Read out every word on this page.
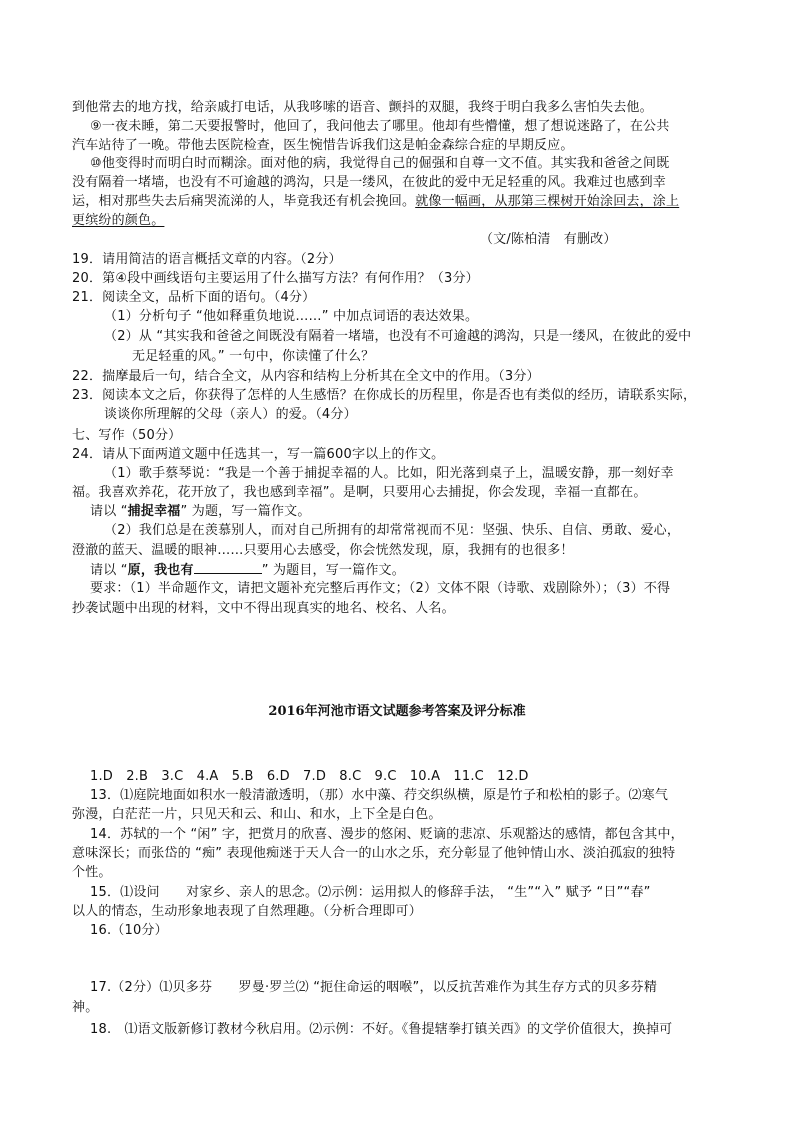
到他常去的地方找，给亲戚打电话，从我哆嗦的语音、颤抖的双腿，我终于明白我多么害怕失去他。
⑨一夜未睡，第二天要报警时，他回了，我问他去了哪里。他却有些懵懂，想了想说迷路了，在公共
汽车站待了一晚。带他去医院检查，医生惋惜告诉我们这是帕金森综合症的早期反应。
⑩他变得时而明白时而糊涂。面对他的病，我觉得自己的倔强和自尊一文不值。其实我和爸爸之间既
没有隔着一堵墙，也没有不可逾越的鸿沟，只是一缕风，在彼此的爱中无足轻重的风。我难过也感到幸
运，相对那些失去后痛哭流涕的人，毕竟我还有机会挽回。就像一幅画，从那第三棵树开始涂回去，涂上
更缤纷的颜色。
（文/陈柏清　有删改）
19．请用简洁的语言概括文章的内容。（2分）
20．第④段中画线语句主要运用了什么描写方法？有何作用？（3分）
21．阅读全文，品析下面的语句。（4分）
（1）分析句子 “他如释重负地说……” 中加点词语的表达效果。
（2）从 “其实我和爸爸之间既没有隔着一堵墙，也没有不可逾越的鸿沟，只是一缕风，在彼此的爱中
无足轻重的风。” 一句中，你读懂了什么？
22．揣摩最后一句，结合全文，从内容和结构上分析其在全文中的作用。（3分）
23．阅读本文之后，你获得了怎样的人生感悟？在你成长的历程里，你是否也有类似的经历，请联系实际，
谈谈你所理解的父母（亲人）的爱。（4分）
七、写作（50分）
24．请从下面两道文题中任选其一，写一篇600字以上的作文。
（1）歌手蔡琴说：“我是一个善于捕捉幸福的人。比如，阳光落到桌子上，温暖安静，那一刻好幸
福。我喜欢养花，花开放了，我也感到幸福”。是啊，只要用心去捕捉，你会发现，幸福一直都在。
请以 “捕捉幸福” 为题，写一篇作文。
（2）我们总是在羡慕别人，而对自己所拥有的却常常视而不见：坚强、快乐、自信、勇敢、爱心，
澄澈的蓝天、温暖的眼神……只要用心去感受，你会恍然发现，原，我拥有的也很多！
请以 “原，我也有	” 为题目，写一篇作文。
要求：（1）半命题作文，请把文题补充完整后再作文；（2）文体不限（诗歌、戏剧除外）；（3）不得
抄袭试题中出现的材料，文中不得出现真实的地名、校名、人名。
2016年河池市语文试题参考答案及评分标准
1.D　2.B　3.C　4.A　5.B　6.D　7.D　8.C　9.C　10.A　11.C　12.D
13．⑴庭院地面如积水一般清澈透明，（那）水中藻、荇交织纵横，原是竹子和松柏的影子。⑵寒气
弥漫，白茫茫一片，只见天和云、和山、和水，上下全是白色。
14．苏轼的一个 “闲” 字，把赏月的欣喜、漫步的悠闲、贬谪的悲凉、乐观豁达的感情，都包含其中，
意味深长；而张岱的 “痴” 表现他痴迷于天人合一的山水之乐，充分彰显了他钟情山水、淡泊孤寂的独特
个性。
15．⑴设问　　对家乡、亲人的思念。⑵示例：运用拟人的修辞手法， “生”“入” 赋予 “日”“春”
以人的情态，生动形象地表现了自然理趣。（分析合理即可）
16.（10分）
17.（2分）⑴贝多芬　　罗曼·罗兰⑵ “扼住命运的咽喉”，以反抗苦难作为其生存方式的贝多芬精
神。
18.　⑴语文版新修订教材今秋启用。⑵示例：不好。《鲁提辖拳打镇关西》的文学价值很大，换掉可
